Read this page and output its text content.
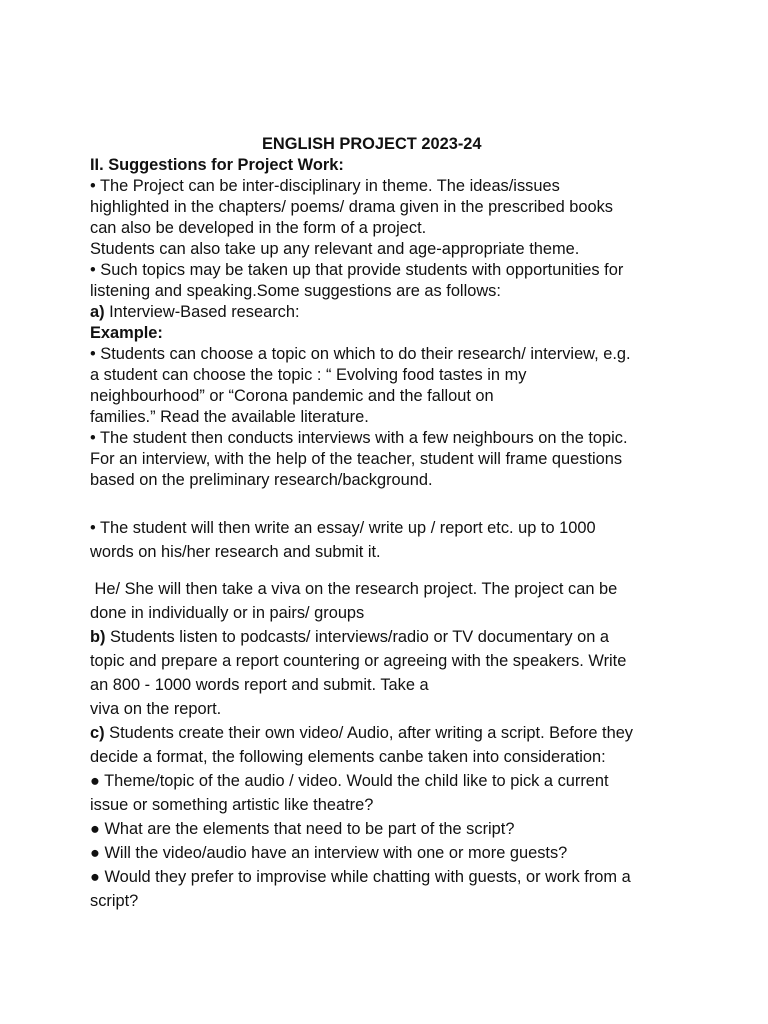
ENGLISH PROJECT 2023-24
II. Suggestions for Project Work:
• The Project can be inter-disciplinary in theme. The ideas/issues
highlighted in the chapters/ poems/ drama given in the prescribed books
can also be developed in the form of a project.
Students can also take up any relevant and age-appropriate theme.
• Such topics may be taken up that provide students with opportunities for
listening and speaking.Some suggestions are as follows:
a) Interview-Based research:
Example:
• Students can choose a topic on which to do their research/ interview, e.g.
a student can choose the topic : “ Evolving food tastes in my
neighbourhood” or “Corona pandemic and the fallout on
families.” Read the available literature.
• The student then conducts interviews with a few neighbours on the topic.
For an interview, with the help of the teacher, student will frame questions
based on the preliminary research/background.
• The student will then write an essay/ write up / report etc. up to 1000
words on his/her research and submit it.
He/ She will then take a viva on the research project. The project can be
done in individually or in pairs/ groups
b) Students listen to podcasts/ interviews/radio or TV documentary on a
topic and prepare a report countering or agreeing with the speakers. Write
an 800 - 1000 words report and submit. Take a
viva on the report.
c) Students create their own video/ Audio, after writing a script. Before they
decide a format, the following elements canbe taken into consideration:
● Theme/topic of the audio / video. Would the child like to pick a current
issue or something artistic like theatre?
● What are the elements that need to be part of the script?
● Will the video/audio have an interview with one or more guests?
● Would they prefer to improvise while chatting with guests, or work from a
script?
